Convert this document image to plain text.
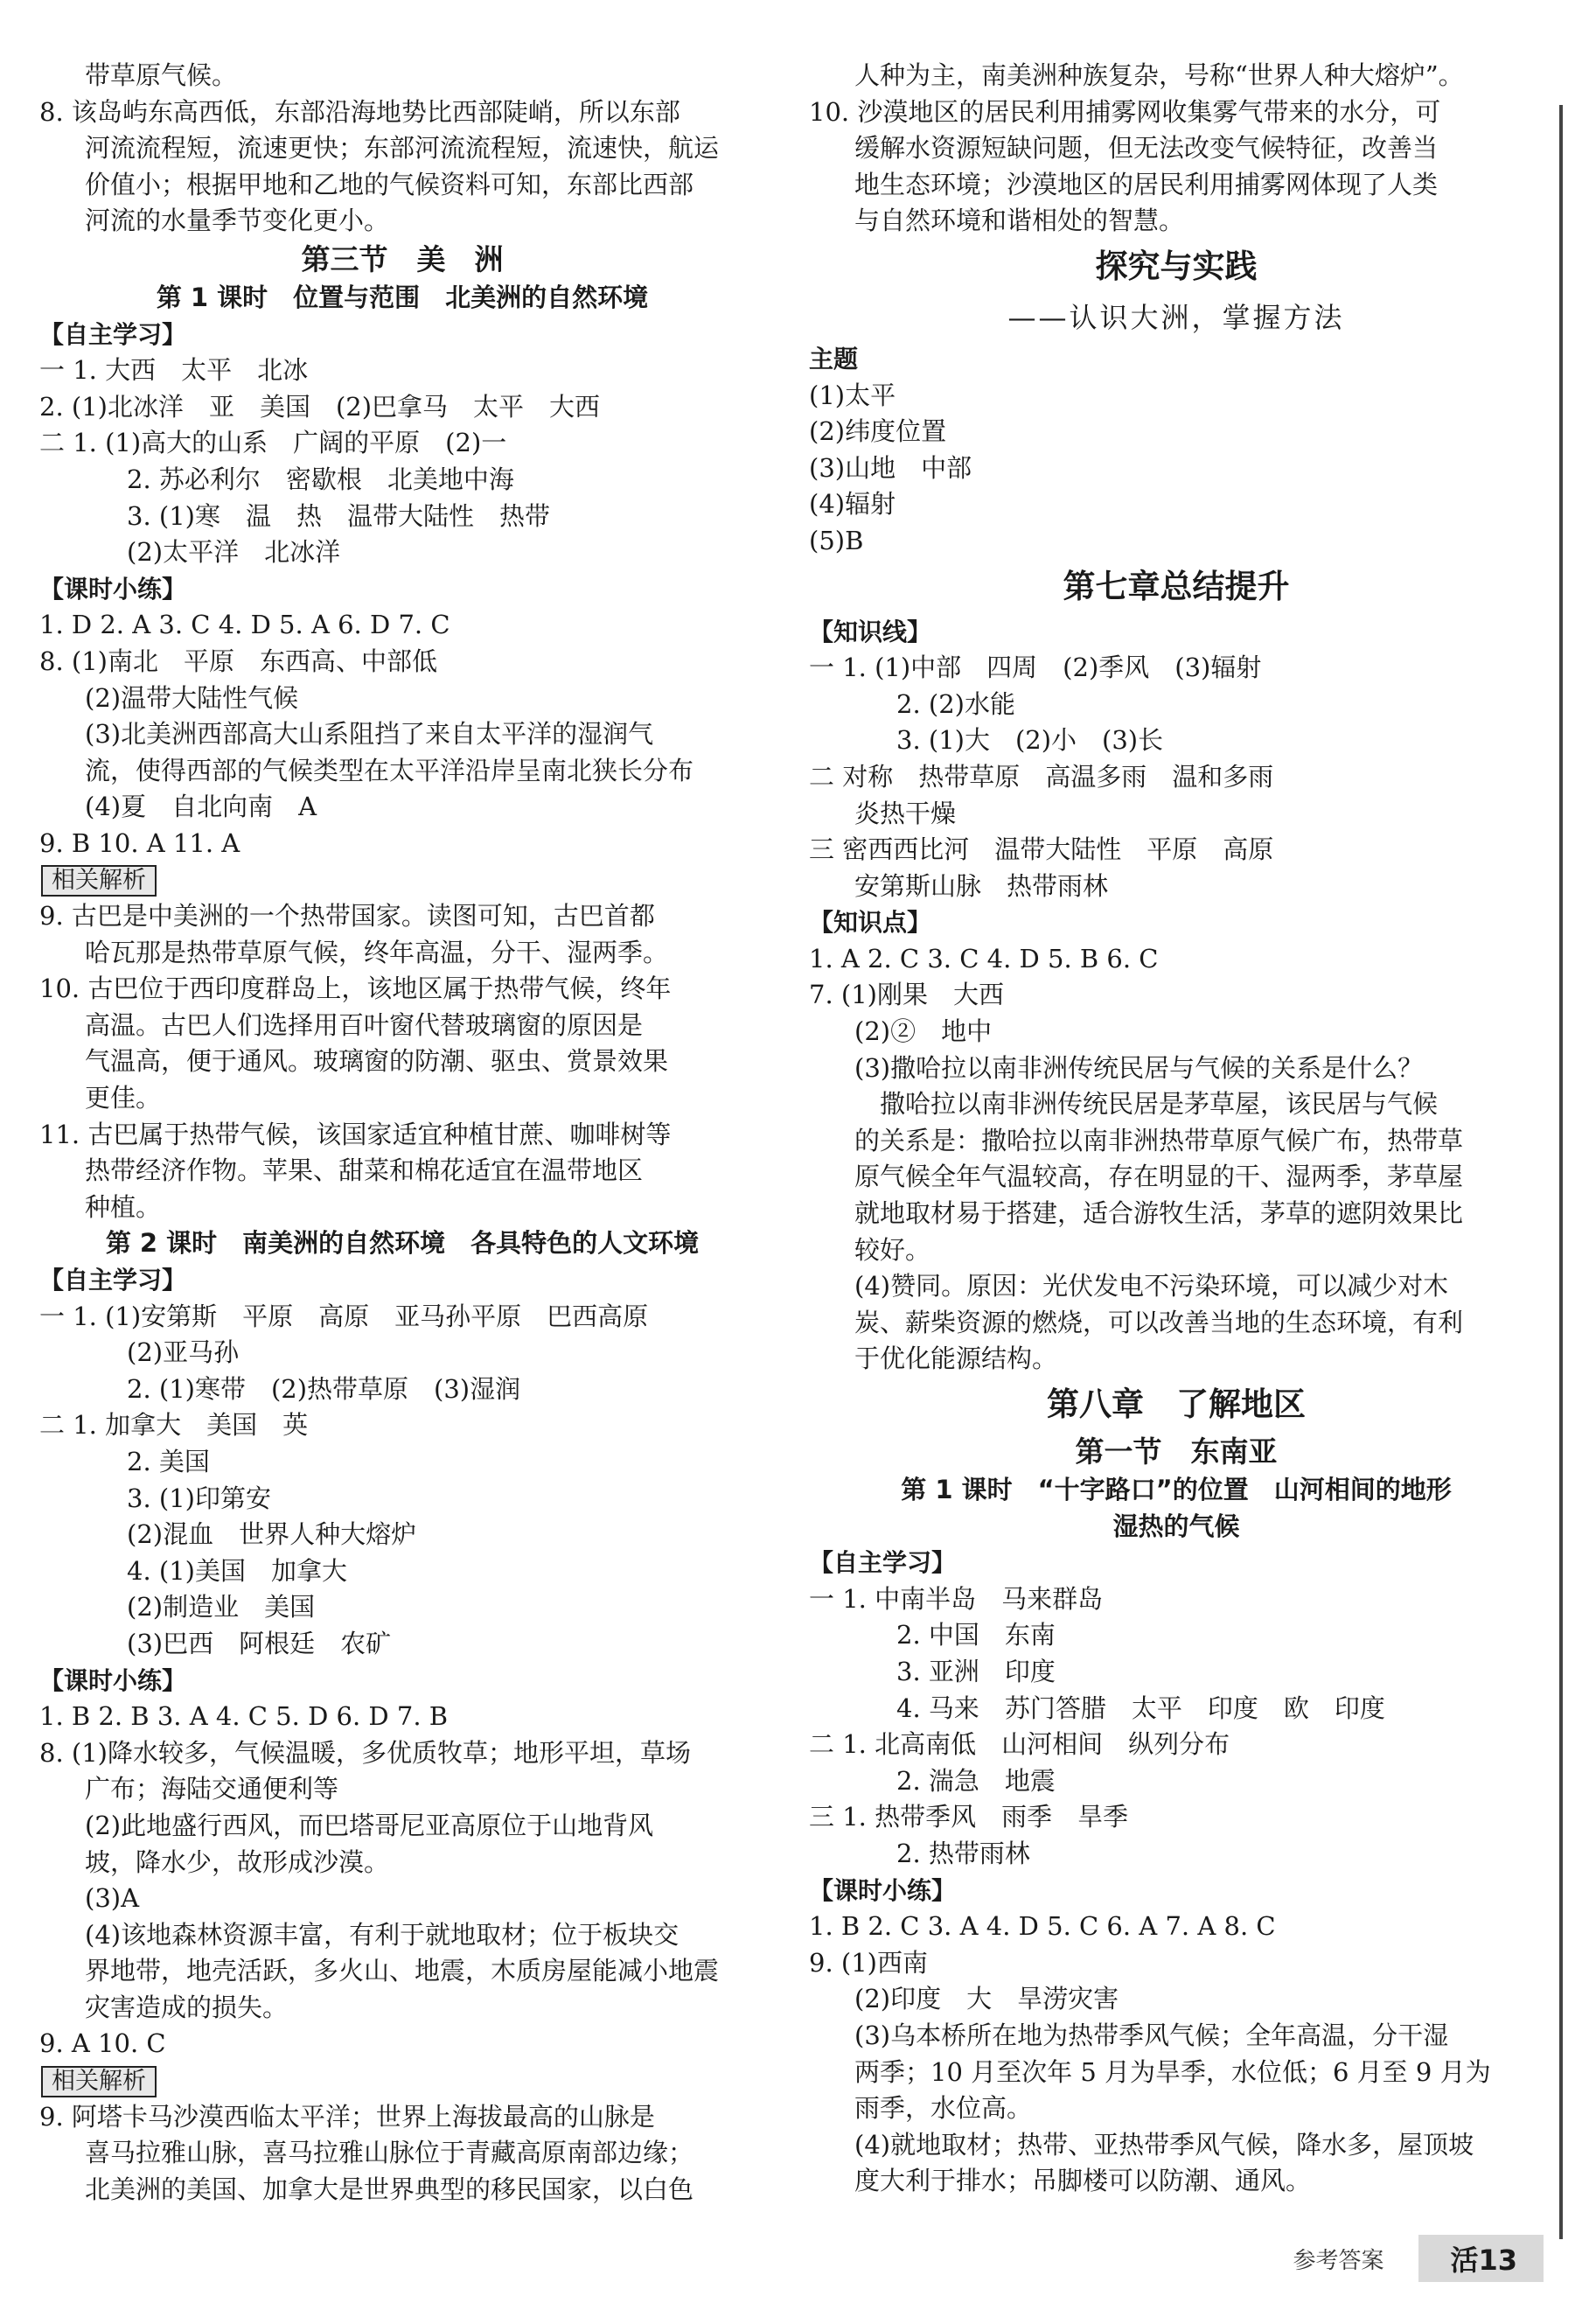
带草原气候。
8. 该岛屿东高西低，东部沿海地势比西部陡峭，所以东部
河流流程短，流速更快；东部河流流程短，流速快，航运
价值小；根据甲地和乙地的气候资料可知，东部比西部
河流的水量季节变化更小。
第三节　美　洲
第 1 课时　位置与范围　北美洲的自然环境
【自主学习】
一 1. 大西　太平　北冰
2. (1)北冰洋　亚　美国　(2)巴拿马　太平　大西
二 1. (1)高大的山系　广阔的平原　(2)一
2. 苏必利尔　密歇根　北美地中海
3. (1)寒　温　热　温带大陆性　热带
(2)太平洋　北冰洋
【课时小练】
1. D 2. A 3. C 4. D 5. A 6. D 7. C
8. (1)南北　平原　东西高、中部低
(2)温带大陆性气候
(3)北美洲西部高大山系阻挡了来自太平洋的湿润气
流，使得西部的气候类型在太平洋沿岸呈南北狭长分布
(4)夏　自北向南　A
9. B 10. A 11. A
相关解析
9. 古巴是中美洲的一个热带国家。读图可知，古巴首都
哈瓦那是热带草原气候，终年高温，分干、湿两季。
10. 古巴位于西印度群岛上，该地区属于热带气候，终年
高温。古巴人们选择用百叶窗代替玻璃窗的原因是
气温高，便于通风。玻璃窗的防潮、驱虫、赏景效果
更佳。
11. 古巴属于热带气候，该国家适宜种植甘蔗、咖啡树等
热带经济作物。苹果、甜菜和棉花适宜在温带地区
种植。
第 2 课时　南美洲的自然环境　各具特色的人文环境
【自主学习】
一 1. (1)安第斯　平原　高原　亚马孙平原　巴西高原
(2)亚马孙
2. (1)寒带　(2)热带草原　(3)湿润
二 1. 加拿大　美国　英
2. 美国
3. (1)印第安
(2)混血　世界人种大熔炉
4. (1)美国　加拿大
(2)制造业　美国
(3)巴西　阿根廷　农矿
【课时小练】
1. B 2. B 3. A 4. C 5. D 6. D 7. B
8. (1)降水较多，气候温暖，多优质牧草；地形平坦，草场
广布；海陆交通便利等
(2)此地盛行西风，而巴塔哥尼亚高原位于山地背风
坡，降水少，故形成沙漠。
(3)A
(4)该地森林资源丰富，有利于就地取材；位于板块交
界地带，地壳活跃，多火山、地震，木质房屋能减小地震
灾害造成的损失。
9. A 10. C
相关解析
9. 阿塔卡马沙漠西临太平洋；世界上海拔最高的山脉是
喜马拉雅山脉，喜马拉雅山脉位于青藏高原南部边缘；
北美洲的美国、加拿大是世界典型的移民国家，以白色
人种为主，南美洲种族复杂，号称“世界人种大熔炉”。
10. 沙漠地区的居民利用捕雾网收集雾气带来的水分，可
缓解水资源短缺问题，但无法改变气候特征，改善当
地生态环境；沙漠地区的居民利用捕雾网体现了人类
与自然环境和谐相处的智慧。
探究与实践
——认识大洲，掌握方法
主题
(1)太平
(2)纬度位置
(3)山地　中部
(4)辐射
(5)B
第七章总结提升
【知识线】
一 1. (1)中部　四周　(2)季风　(3)辐射
2. (2)水能
3. (1)大　(2)小　(3)长
二 对称　热带草原　高温多雨　温和多雨
炎热干燥
三 密西西比河　温带大陆性　平原　高原
安第斯山脉　热带雨林
【知识点】
1. A 2. C 3. C 4. D 5. B 6. C
7. (1)刚果　大西
(2)②　地中
(3)撒哈拉以南非洲传统民居与气候的关系是什么？
　撒哈拉以南非洲传统民居是茅草屋，该民居与气候
的关系是：撒哈拉以南非洲热带草原气候广布，热带草
原气候全年气温较高，存在明显的干、湿两季，茅草屋
就地取材易于搭建，适合游牧生活，茅草的遮阴效果比
较好。
(4)赞同。原因：光伏发电不污染环境，可以减少对木
炭、薪柴资源的燃烧，可以改善当地的生态环境，有利
于优化能源结构。
第八章　了解地区
第一节　东南亚
第 1 课时　“十字路口”的位置　山河相间的地形
湿热的气候
【自主学习】
一 1. 中南半岛　马来群岛
2. 中国　东南
3. 亚洲　印度
4. 马来　苏门答腊　太平　印度　欧　印度
二 1. 北高南低　山河相间　纵列分布
2. 湍急　地震
三 1. 热带季风　雨季　旱季
2. 热带雨林
【课时小练】
1. B 2. C 3. A 4. D 5. C 6. A 7. A 8. C
9. (1)西南
(2)印度　大　旱涝灾害
(3)乌本桥所在地为热带季风气候；全年高温，分干湿
两季；10 月至次年 5 月为旱季，水位低；6 月至 9 月为
雨季，水位高。
(4)就地取材；热带、亚热带季风气候，降水多，屋顶坡
度大利于排水；吊脚楼可以防潮、通风。
参考答案	活13
